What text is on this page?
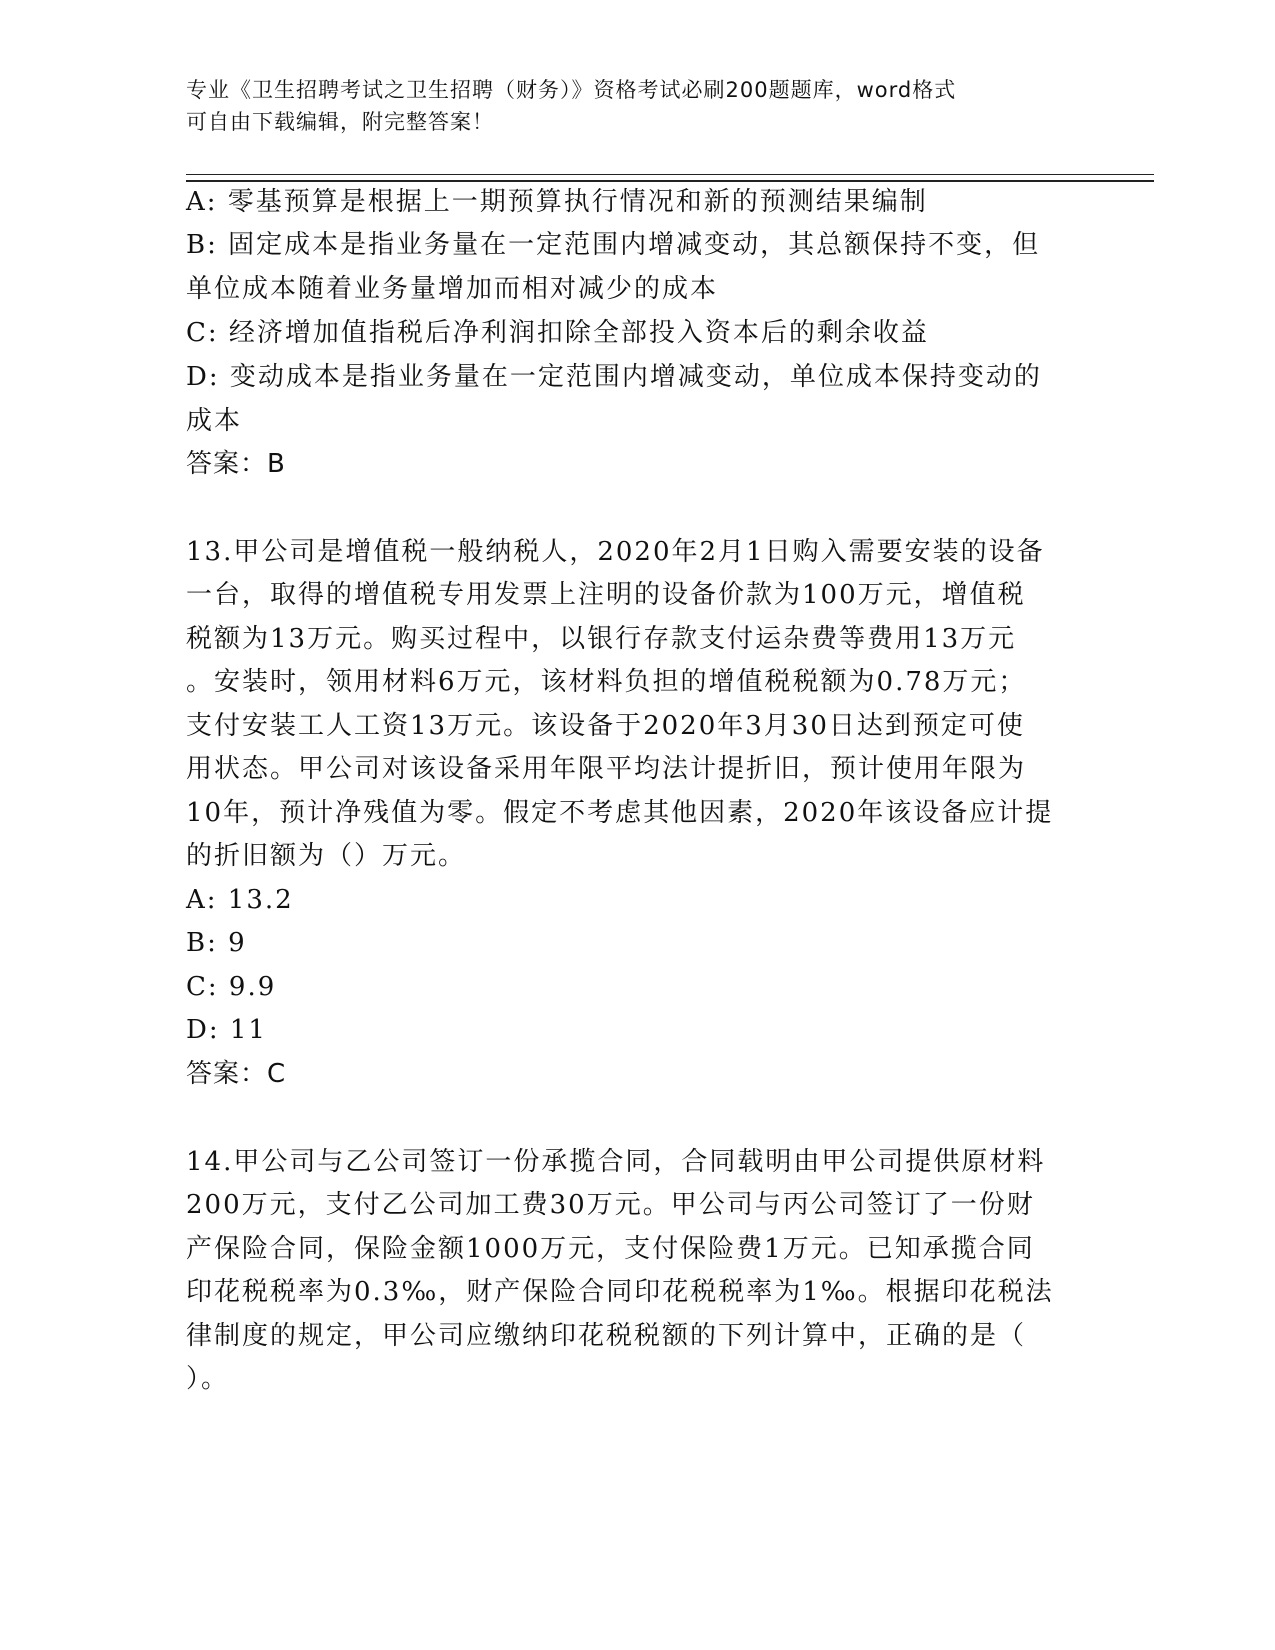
专业《卫生招聘考试之卫生招聘（财务）》资格考试必刷200题题库，word格式
可自由下载编辑，附完整答案！
A: 零基预算是根据上一期预算执行情况和新的预测结果编制
B: 固定成本是指业务量在一定范围内增减变动，其总额保持不变，但
单位成本随着业务量增加而相对减少的成本
C: 经济增加值指税后净利润扣除全部投入资本后的剩余收益
D: 变动成本是指业务量在一定范围内增减变动，单位成本保持变动的
成本
答案：B
13.甲公司是增值税一般纳税人，2020年2月1日购入需要安装的设备
一台，取得的增值税专用发票上注明的设备价款为100万元，增值税
税额为13万元。购买过程中，以银行存款支付运杂费等费用13万元
。安装时，领用材料6万元，该材料负担的增值税税额为0.78万元；
支付安装工人工资13万元。该设备于2020年3月30日达到预定可使
用状态。甲公司对该设备采用年限平均法计提折旧，预计使用年限为
10年，预计净残值为零。假定不考虑其他因素，2020年该设备应计提
的折旧额为（）万元。
A: 13.2
B: 9
C: 9.9
D: 11
答案：C
14.甲公司与乙公司签订一份承揽合同，合同载明由甲公司提供原材料
200万元，支付乙公司加工费30万元。甲公司与丙公司签订了一份财
产保险合同，保险金额1000万元，支付保险费1万元。已知承揽合同
印花税税率为0.3‰，财产保险合同印花税税率为1‰。根据印花税法
律制度的规定，甲公司应缴纳印花税税额的下列计算中，正确的是（
）。
